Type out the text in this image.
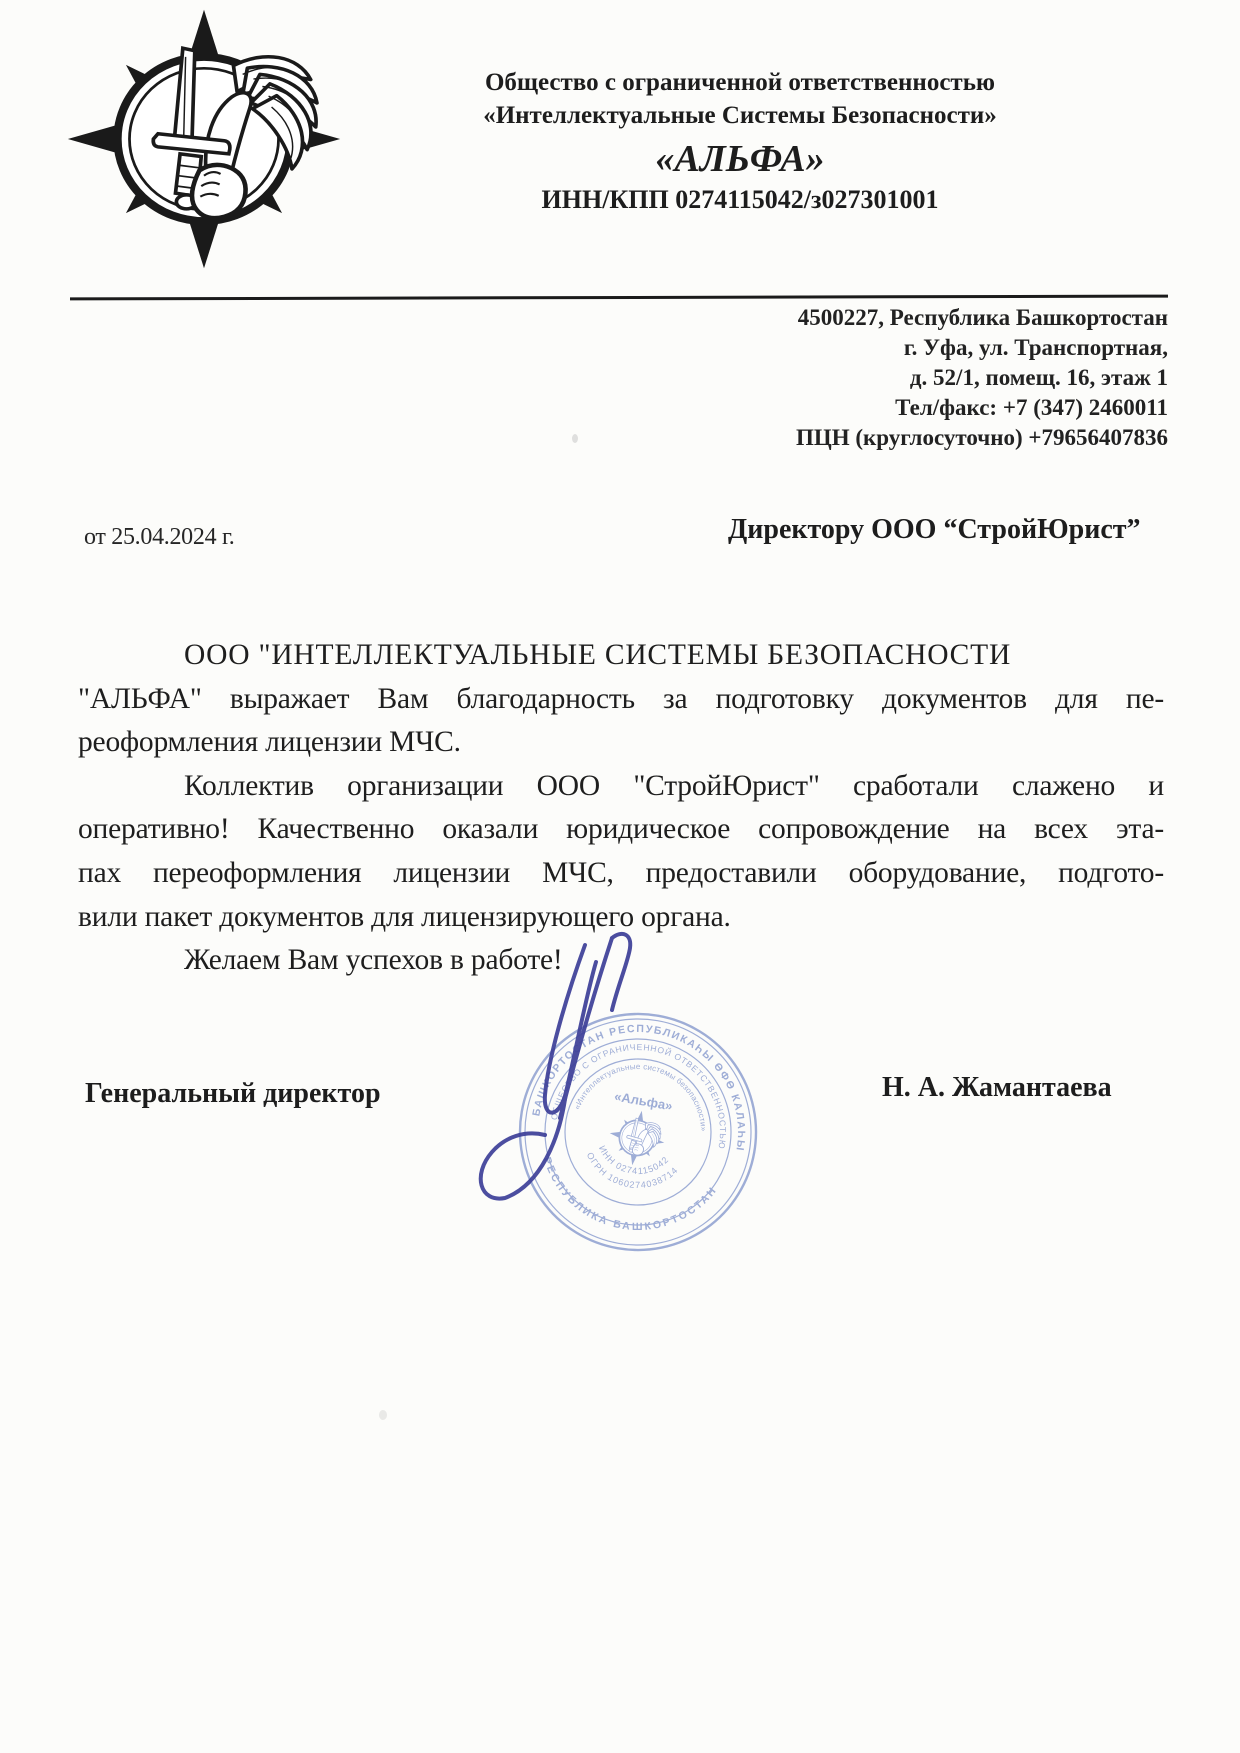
Общество с ограниченной ответственностью
«Интеллектуальные Системы Безопасности»
«АЛЬФА»
ИНН/КПП 0274115042/з027301001
4500227, Республика Башкортостан
г. Уфа, ул. Транспортная,
д. 52/1, помещ. 16, этаж 1
Тел/факс: +7 (347) 2460011
ПЦН (круглосуточно) +79656407836
от 25.04.2024 г.	Директору ООО “СтройЮрист”
ООО "ИНТЕЛЛЕКТУАЛЬНЫЕ СИСТЕМЫ БЕЗОПАСНОСТИ
"АЛЬФА" выражает Вам благодарность за подготовку документов для пе-
реоформления лицензии МЧС.
Коллектив организации ООО "СтройЮрист" сработали слажено и
оперативно! Качественно оказали юридическое сопровождение на всех эта-
пах переоформления лицензии МЧС, предоставили оборудование, подгото-
вили пакет документов для лицензирующего органа.
Желаем Вам успехов в работе!
Генеральный директор	Н. А. Жамантаева
БАШКОРТОСТАН РЕСПУБЛИКАҺЫ ӨФӨ КАЛАҺЫ
РЕСПУБЛИКА БАШКОРТОСТАН
ОБЩЕСТВО С ОГРАНИЧЕННОЙ ОТВЕТСТВЕННОСТЬЮ
«Интеллектуальные системы безопасности»
«Альфа»
ИНН 0274115042
ОГРН 1060274038714
